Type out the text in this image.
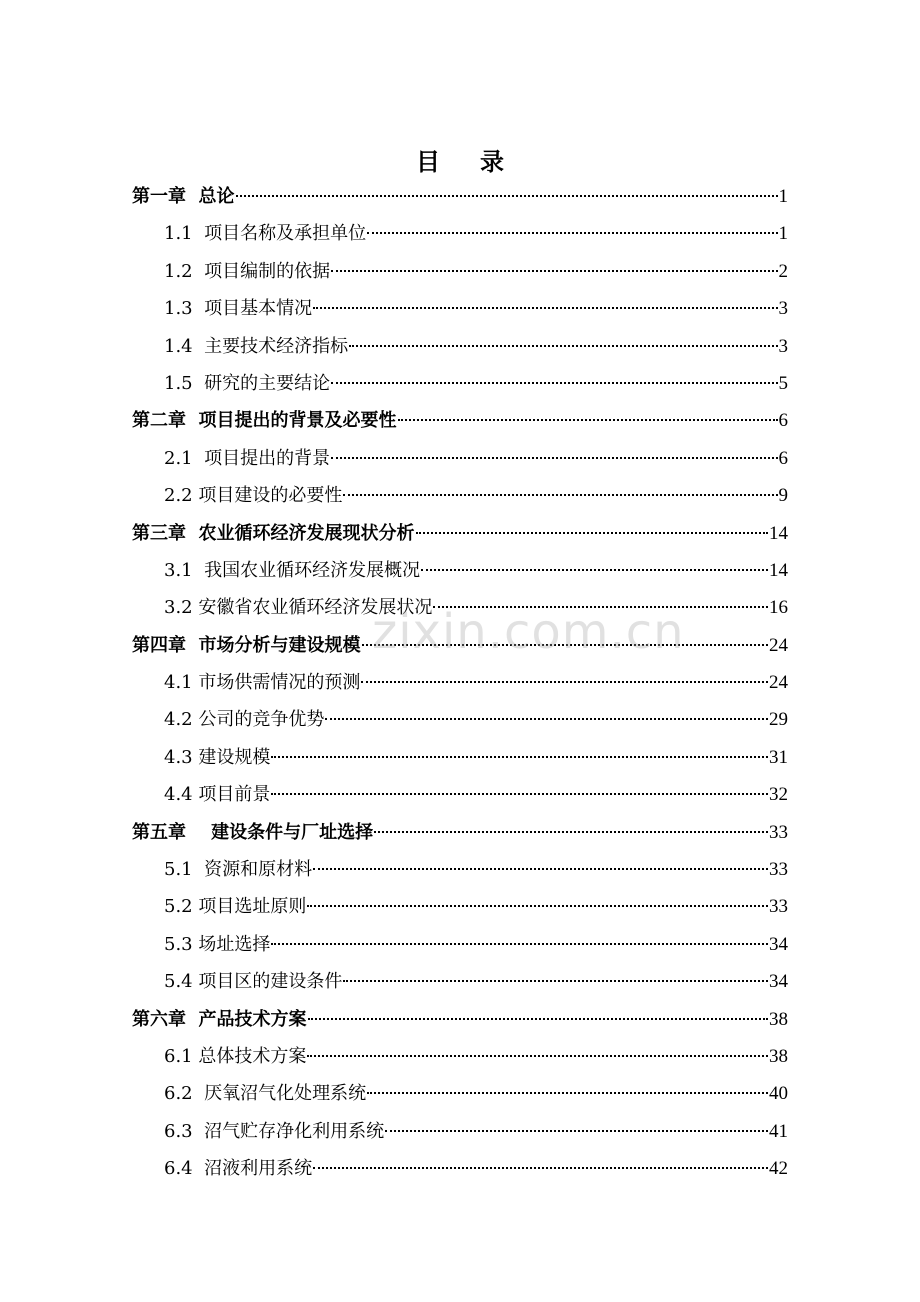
目 录
第一章  总论	1
1.1  项目名称及承担单位	1
1.2  项目编制的依据	2
1.3  项目基本情况	3
1.4  主要技术经济指标	3
1.5  研究的主要结论	5
第二章  项目提出的背景及必要性	6
2.1  项目提出的背景	6
2.2 项目建设的必要性	9
第三章  农业循环经济发展现状分析	14
3.1  我国农业循环经济发展概况	14
3.2 安徽省农业循环经济发展状况	16
第四章  市场分析与建设规模	24
4.1 市场供需情况的预测	24
4.2 公司的竞争优势	29
4.3 建设规模	31
4.4 项目前景	32
第五章    建设条件与厂址选择	33
5.1  资源和原材料	33
5.2 项目选址原则	33
5.3 场址选择	34
5.4 项目区的建设条件	34
第六章  产品技术方案	38
6.1 总体技术方案	38
6.2  厌氧沼气化处理系统	40
6.3  沼气贮存净化利用系统	41
6.4  沼液利用系统	42
zixin.com.cn
